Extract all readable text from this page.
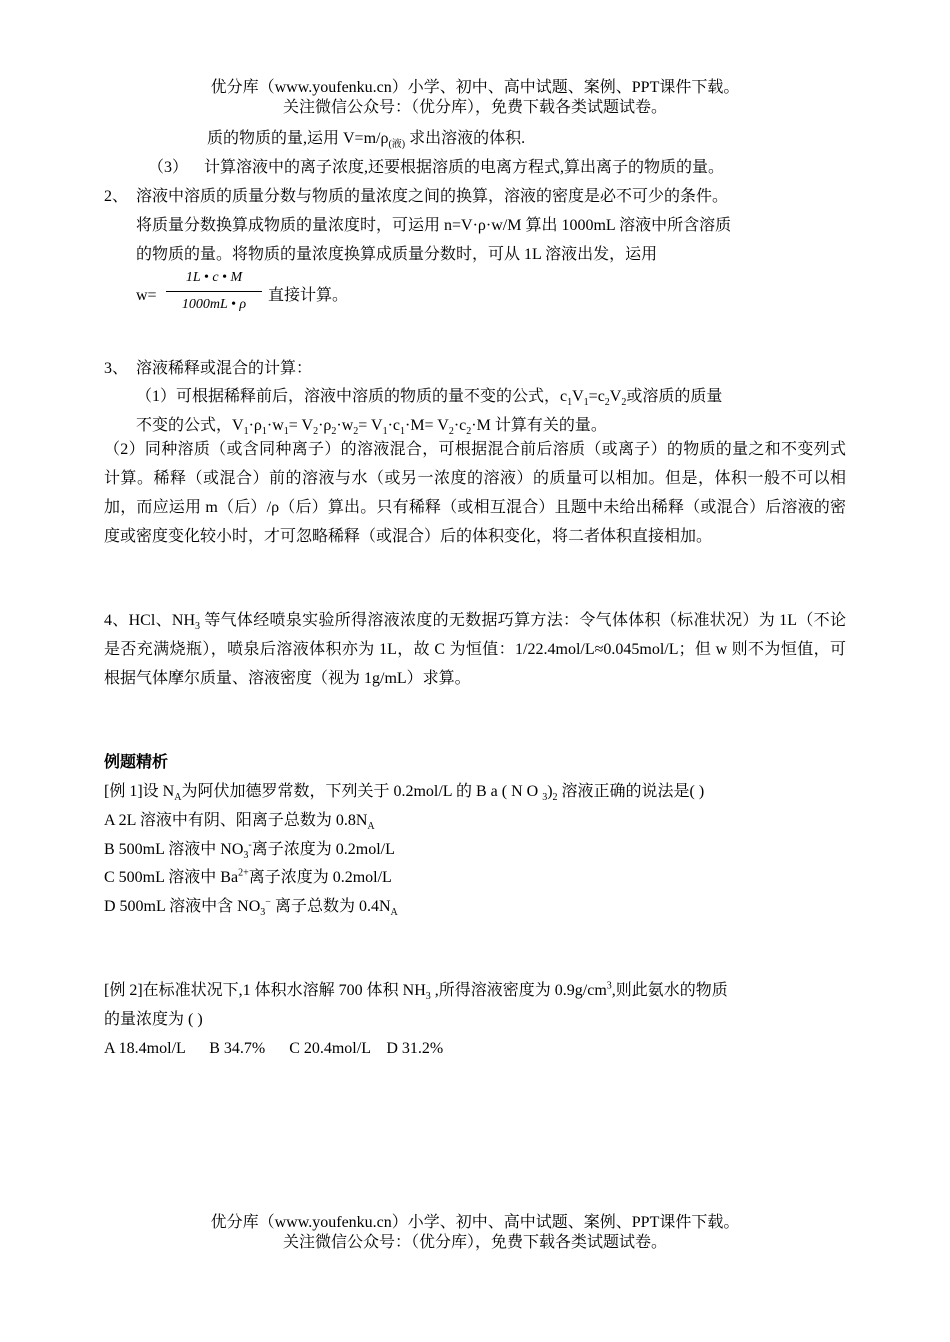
优分库（www.youfenku.cn）小学、初中、高中试题、案例、PPT课件下载。
关注微信公众号：（优分库），免费下载各类试题试卷。
质的物质的量,运用 $V=m/\rho_{(液)}$ 求出溶液的体积.
（3） 计算溶液中的离子浓度,还要根据溶质的电离方程式,算出离子的物质的量。
2、 溶液中溶质的质量分数与物质的量浓度之间的换算，溶液的密度是必不可少的条件。
将质量分数换算成物质的量浓度时，可运用 n=V·ρ·w/M 算出 1000mL 溶液中所含溶质
的物质的量。将物质的量浓度换算成质量分数时，可从 1L 溶液出发，运用
w=
1L • c • M
1000mL • ρ
直接计算。
3、 溶液稀释或混合的计算：
（1）可根据稀释前后，溶液中溶质的物质的量不变的公式，$c_1V_1=c_2V_2$或溶质的质量
不变的公式，$V_1\cdot\rho_1\cdot w_1= V_2\cdot\rho_2\cdot w_2= V_1\cdot c_1\cdot M= V_2\cdot c_2\cdot M$ 计算有关的量。
（2）同种溶质（或含同种离子）的溶液混合，可根据混合前后溶质（或离子）的物质的量之和不变列式计算。稀释（或混合）前的溶液与水（或另一浓度的溶液）的质量可以相加。但是，体积一般不可以相加，而应运用 m（后）/ρ（后）算出。只有稀释（或相互混合）且题中未给出稀释（或混合）后溶液的密度或密度变化较小时，才可忽略稀释（或混合）后的体积变化，将二者体积直接相加。
4、HCl、$NH_3$ 等气体经喷泉实验所得溶液浓度的无数据巧算方法：令气体体积（标准状况）为 1L（不论是否充满烧瓶），喷泉后溶液体积亦为 1L，故 C 为恒值：1/22.4mol/L≈0.045mol/L；但 w 则不为恒值，可根据气体摩尔质量、溶液密度（视为 1g/mL）求算。
例题精析
[例 1]设 $N_A$为阿伏加德罗常数，下列关于 0.2mol/L 的 $Ba(NO_3)_2$ 溶液正确的说法是( )
A 2L 溶液中有阴、阳离子总数为 $0.8N_A$
B 500mL 溶液中 $NO_3^-$离子浓度为 0.2mol/L
C 500mL 溶液中 $Ba^{2+}$离子浓度为 0.2mol/L
D 500mL 溶液中含 $NO_3^-$ 离子总数为 $0.4N_A$
[例 2]在标准状况下,1 体积水溶解 700 体积 $NH_3$ ,所得溶液密度为 $0.9g/cm^3$,则此氨水的物质
的量浓度为 ( )
A 18.4mol/L      B 34.7%      C 20.4mol/L    D 31.2%
优分库（www.youfenku.cn）小学、初中、高中试题、案例、PPT课件下载。
关注微信公众号：（优分库），免费下载各类试题试卷。
